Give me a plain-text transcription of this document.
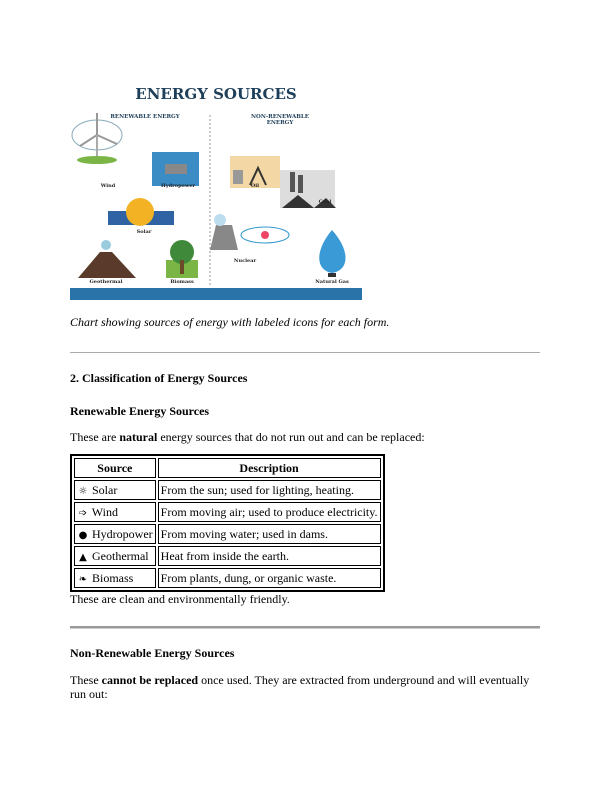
ENERGY SOURCES
RENEWABLE ENERGY	NON-RENEWABLE ENERGY
Wind	Hydropower
Solar
Geothermal	Biomass
Oil
Coal
Nuclear
Natural Gas
Chart showing sources of energy with labeled icons for each form.
2. Classification of Energy Sources
Renewable Energy Sources

These are natural energy sources that do not run out and can be replaced:

Source	Description
☼ Solar	From the sun; used for lighting, heating.
➩ Wind	From moving air; used to produce electricity.
● Hydropower	From moving water; used in dams.
▲ Geothermal	Heat from inside the earth.
❧ Biomass	From plants, dung, or organic waste.

These are clean and environmentally friendly.

Non-Renewable Energy Sources

These cannot be replaced once used. They are extracted from underground and will eventually run out:
